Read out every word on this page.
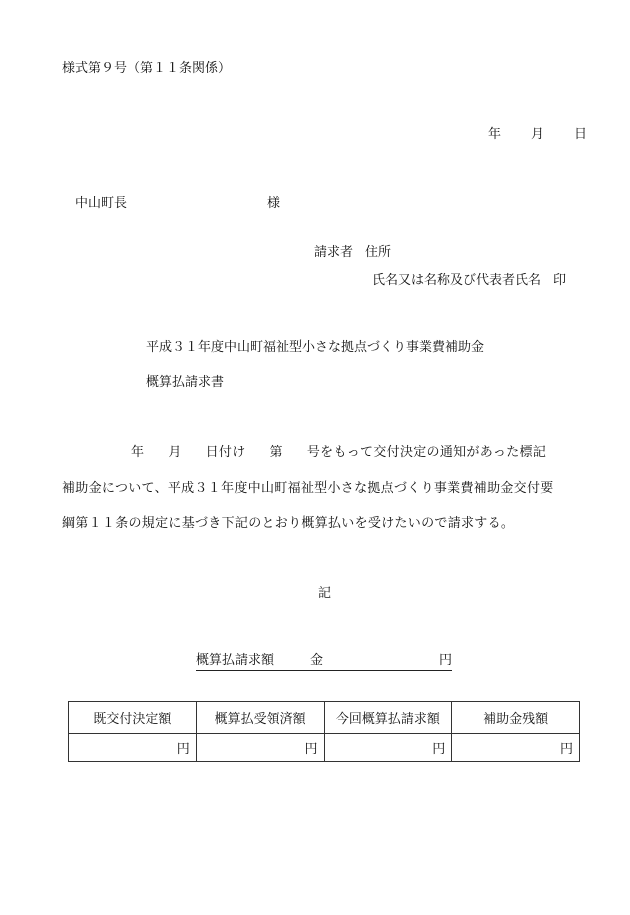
様式第９号（第１１条関係）
年 月 日
中山町長	様
請求者 住所
氏名又は名称及び代表者氏名 印
平成３１年度中山町福祉型小さな拠点づくり事業費補助金
概算払請求書
年 月 日付け 第 号をもって交付決定の通知があった標記
補助金について、平成３１年度中山町福祉型小さな拠点づくり事業費補助金交付要
綱第１１条の規定に基づき下記のとおり概算払いを受けたいので請求する。
記
概算払請求額	金	円
既交付決定額	概算払受領済額	今回概算払請求額	補助金残額
円	円	円	円
